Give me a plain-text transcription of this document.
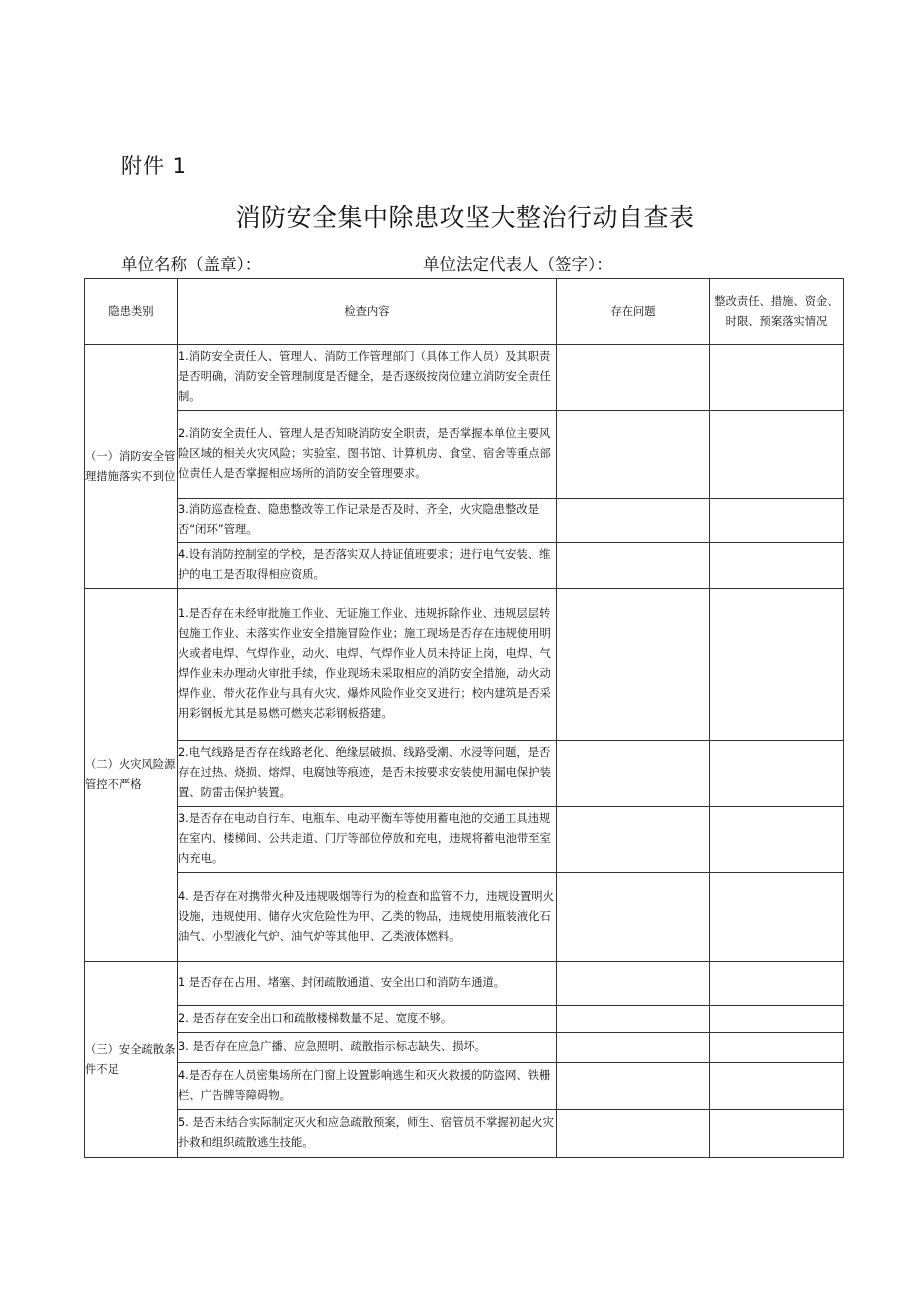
附件 1
消防安全集中除患攻坚大整治行动自查表
单位名称（盖章）：	单位法定代表人（签字）：
隐患类别	检查内容	存在问题	整改责任、措施、资金、时限、预案落实情况
（一）消防安全管理措施落实不到位	1.消防安全责任人、管理人、消防工作管理部门（具体工作人员）及其职责是否明确，消防安全管理制度是否健全，是否逐级按岗位建立消防安全责任制。		

	2.消防安全责任人、管理人是否知晓消防安全职责，是否掌握本单位主要风险区域的相关火灾风险；实验室、图书馆、计算机房、食堂、宿舍等重点部位责任人是否掌握相应场所的消防安全管理要求。		

	3.消防巡查检查、隐患整改等工作记录是否及时、齐全，火灾隐患整改是否“闭环”管理。		

	4.设有消防控制室的学校，是否落实双人持证值班要求；进行电气安装、维护的电工是否取得相应资质。		

（二）火灾风险源管控不严格	1.是否存在未经审批施工作业、无证施工作业、违规拆除作业、违规层层转包施工作业、未落实作业安全措施冒险作业；施工现场是否存在违规使用明火或者电焊、气焊作业，动火、电焊、气焊作业人员未持证上岗，电焊、气焊作业未办理动火审批手续，作业现场未采取相应的消防安全措施，动火动焊作业、带火花作业与具有火灾、爆炸风险作业交叉进行；校内建筑是否采用彩钢板尤其是易燃可燃夹芯彩钢板搭建。		

	2.电气线路是否存在线路老化、绝缘层破损、线路受潮、水浸等问题，是否存在过热、烧损、熔焊、电腐蚀等痕迹，是否未按要求安装使用漏电保护装置、防雷击保护装置。		

	3.是否存在电动自行车、电瓶车、电动平衡车等使用蓄电池的交通工具违规在室内、楼梯间、公共走道、门厅等部位停放和充电，违规将蓄电池带至室内充电。		

	4. 是否存在对携带火种及违规吸烟等行为的检查和监管不力，违规设置明火设施，违规使用、储存火灾危险性为甲、乙类的物品，违规使用瓶装液化石油气、小型液化气炉、油气炉等其他甲、乙类液体燃料。		

（三）安全疏散条件不足	1 是否存在占用、堵塞、封闭疏散通道、安全出口和消防车通道。		

	2. 是否存在安全出口和疏散楼梯数量不足、宽度不够。		

	3. 是否存在应急广播、应急照明、疏散指示标志缺失、损坏。		

	4.是否存在人员密集场所在门窗上设置影响逃生和灭火救援的防盗网、铁栅栏、广告牌等障碍物。		

	5. 是否未结合实际制定灭火和应急疏散预案，师生、宿管员不掌握初起火灾扑救和组织疏散逃生技能。		
